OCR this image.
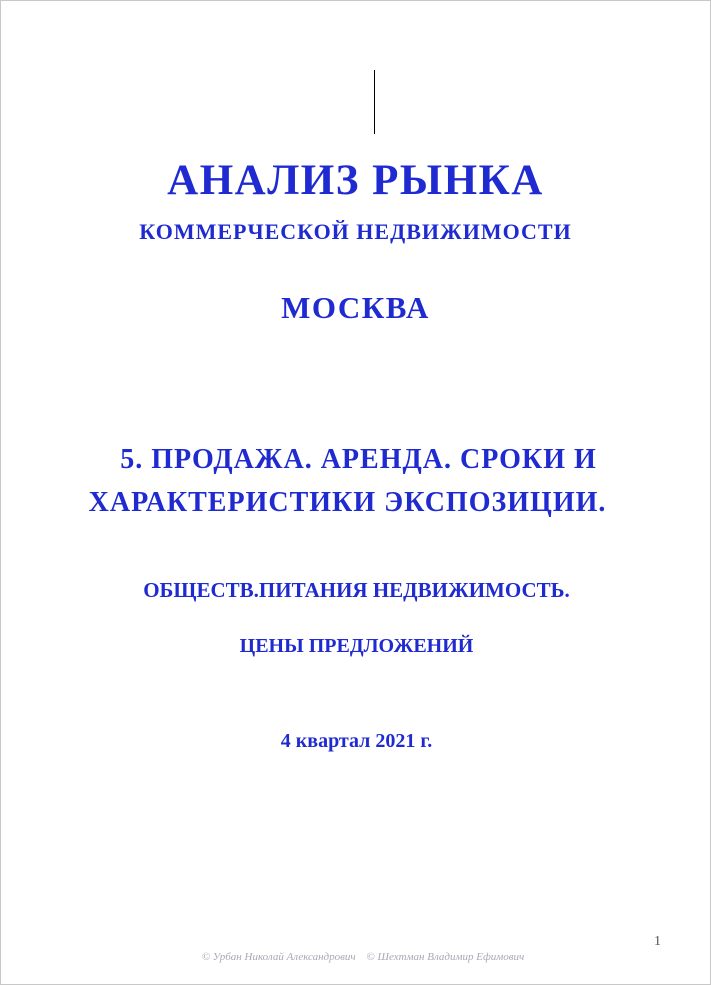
АНАЛИЗ РЫНКА
КОММЕРЧЕСКОЙ НЕДВИЖИМОСТИ
МОСКВА
5. ПРОДАЖА. АРЕНДА. СРОКИ И
ХАРАКТЕРИСТИКИ ЭКСПОЗИЦИИ.
ОБЩЕСТВ.ПИТАНИЯ НЕДВИЖИМОСТЬ.
ЦЕНЫ ПРЕДЛОЖЕНИЙ
4 квартал 2021 г.
1
© Урбан Николай Александрович © Шехтман Владимир Ефимович
